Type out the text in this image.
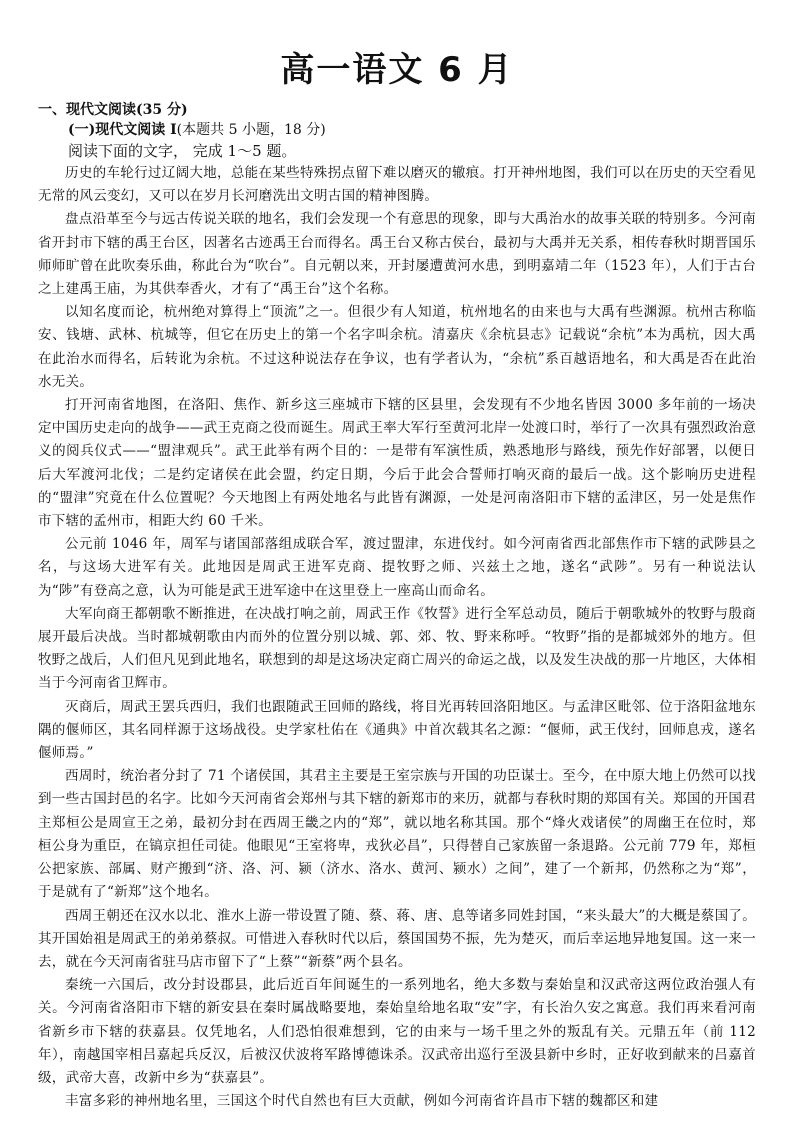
高一语文 6 月
一、现代文阅读(35 分)
(一)现代文阅读 I(本题共 5 小题，18 分)
阅读下面的文字， 完成 1～5 题。

历史的车轮行过辽阔大地，总能在某些特殊拐点留下难以磨灭的辙痕。打开神州地图，我们可以在历史的天空看见无常的风云变幻，又可以在岁月长河磨洗出文明古国的精神图腾。

盘点沿革至今与远古传说关联的地名，我们会发现一个有意思的现象，即与大禹治水的故事关联的特别多。今河南省开封市下辖的禹王台区，因著名古迹禹王台而得名。禹王台又称古侯台，最初与大禹并无关系，相传春秋时期晋国乐师师旷曾在此吹奏乐曲，称此台为“吹台”。自元朝以来，开封屡遭黄河水患，到明嘉靖二年（1523 年），人们于古台之上建禹王庙，为其供奉香火，才有了“禹王台”这个名称。

以知名度而论，杭州绝对算得上“顶流”之一。但很少有人知道，杭州地名的由来也与大禹有些渊源。杭州古称临安、钱塘、武林、杭城等，但它在历史上的第一个名字叫余杭。清嘉庆《余杭县志》记载说“余杭”本为禹杭，因大禹在此治水而得名，后转讹为余杭。不过这种说法存在争议，也有学者认为，“余杭”系百越语地名，和大禹是否在此治水无关。

打开河南省地图，在洛阳、焦作、新乡这三座城市下辖的区县里，会发现有不少地名皆因 3000 多年前的一场决定中国历史走向的战争——武王克商之役而诞生。周武王率大军行至黄河北岸一处渡口时，举行了一次具有强烈政治意义的阅兵仪式——“盟津观兵”。武王此举有两个目的：一是带有军演性质，熟悉地形与路线，预先作好部署，以便日后大军渡河北伐；二是约定诸侯在此会盟，约定日期，今后于此会合誓师打响灭商的最后一战。这个影响历史进程的“盟津”究竟在什么位置呢？今天地图上有两处地名与此皆有渊源，一处是河南洛阳市下辖的孟津区，另一处是焦作市下辖的孟州市，相距大约 60 千米。

公元前 1046 年，周军与诸国部落组成联合军，渡过盟津，东进伐纣。如今河南省西北部焦作市下辖的武陟县之名，与这场大进军有关。此地因是周武王进军克商、提牧野之师、兴兹土之地，遂名“武陟”。另有一种说法认为“陟”有登高之意，认为可能是武王进军途中在这里登上一座高山而命名。

大军向商王都朝歌不断推进，在决战打响之前，周武王作《牧誓》进行全军总动员，随后于朝歌城外的牧野与殷商展开最后决战。当时都城朝歌由内而外的位置分别以城、郭、郊、牧、野来称呼。“牧野”指的是都城郊外的地方。但牧野之战后，人们但凡见到此地名，联想到的却是这场决定商亡周兴的命运之战，以及发生决战的那一片地区，大体相当于今河南省卫辉市。

灭商后，周武王罢兵西归，我们也跟随武王回师的路线，将目光再转回洛阳地区。与孟津区毗邻、位于洛阳盆地东隅的偃师区，其名同样源于这场战役。史学家杜佑在《通典》中首次载其名之源：“偃师，武王伐纣，回师息戎，遂名偃师焉。”

西周时，统治者分封了 71 个诸侯国，其君主主要是王室宗族与开国的功臣谋士。至今，在中原大地上仍然可以找到一些古国封邑的名字。比如今天河南省会郑州与其下辖的新郑市的来历，就都与春秋时期的郑国有关。郑国的开国君主郑桓公是周宣王之弟，最初分封在西周王畿之内的“郑”，就以地名称其国。那个“烽火戏诸侯”的周幽王在位时，郑桓公身为重臣，在镐京担任司徒。他眼见“王室将卑，戎狄必昌”，只得替自己家族留一条退路。公元前 779 年，郑桓公把家族、部属、财产搬到“济、洛、河、颍（济水、洛水、黄河、颍水）之间”，建了一个新邦，仍然称之为“郑”，于是就有了“新郑”这个地名。

西周王朝还在汉水以北、淮水上游一带设置了随、蔡、蒋、唐、息等诸多同姓封国，“来头最大”的大概是蔡国了。其开国始祖是周武王的弟弟蔡叔。可惜进入春秋时代以后，蔡国国势不振，先为楚灭，而后幸运地异地复国。这一来一去，就在今天河南省驻马店市留下了“上蔡”“新蔡”两个县名。

秦统一六国后，改分封设郡县，此后近百年间诞生的一系列地名，绝大多数与秦始皇和汉武帝这两位政治强人有关。今河南省洛阳市下辖的新安县在秦时属战略要地，秦始皇给地名取“安”字，有长治久安之寓意。我们再来看河南省新乡市下辖的获嘉县。仅凭地名，人们恐怕很难想到，它的由来与一场千里之外的叛乱有关。元鼎五年（前 112 年），南越国宰相吕嘉起兵反汉，后被汉伏波将军路博德诛杀。汉武帝出巡行至汲县新中乡时，正好收到献来的吕嘉首级，武帝大喜，改新中乡为“获嘉县”。

丰富多彩的神州地名里，三国这个时代自然也有巨大贡献，例如今河南省许昌市下辖的魏都区和建
